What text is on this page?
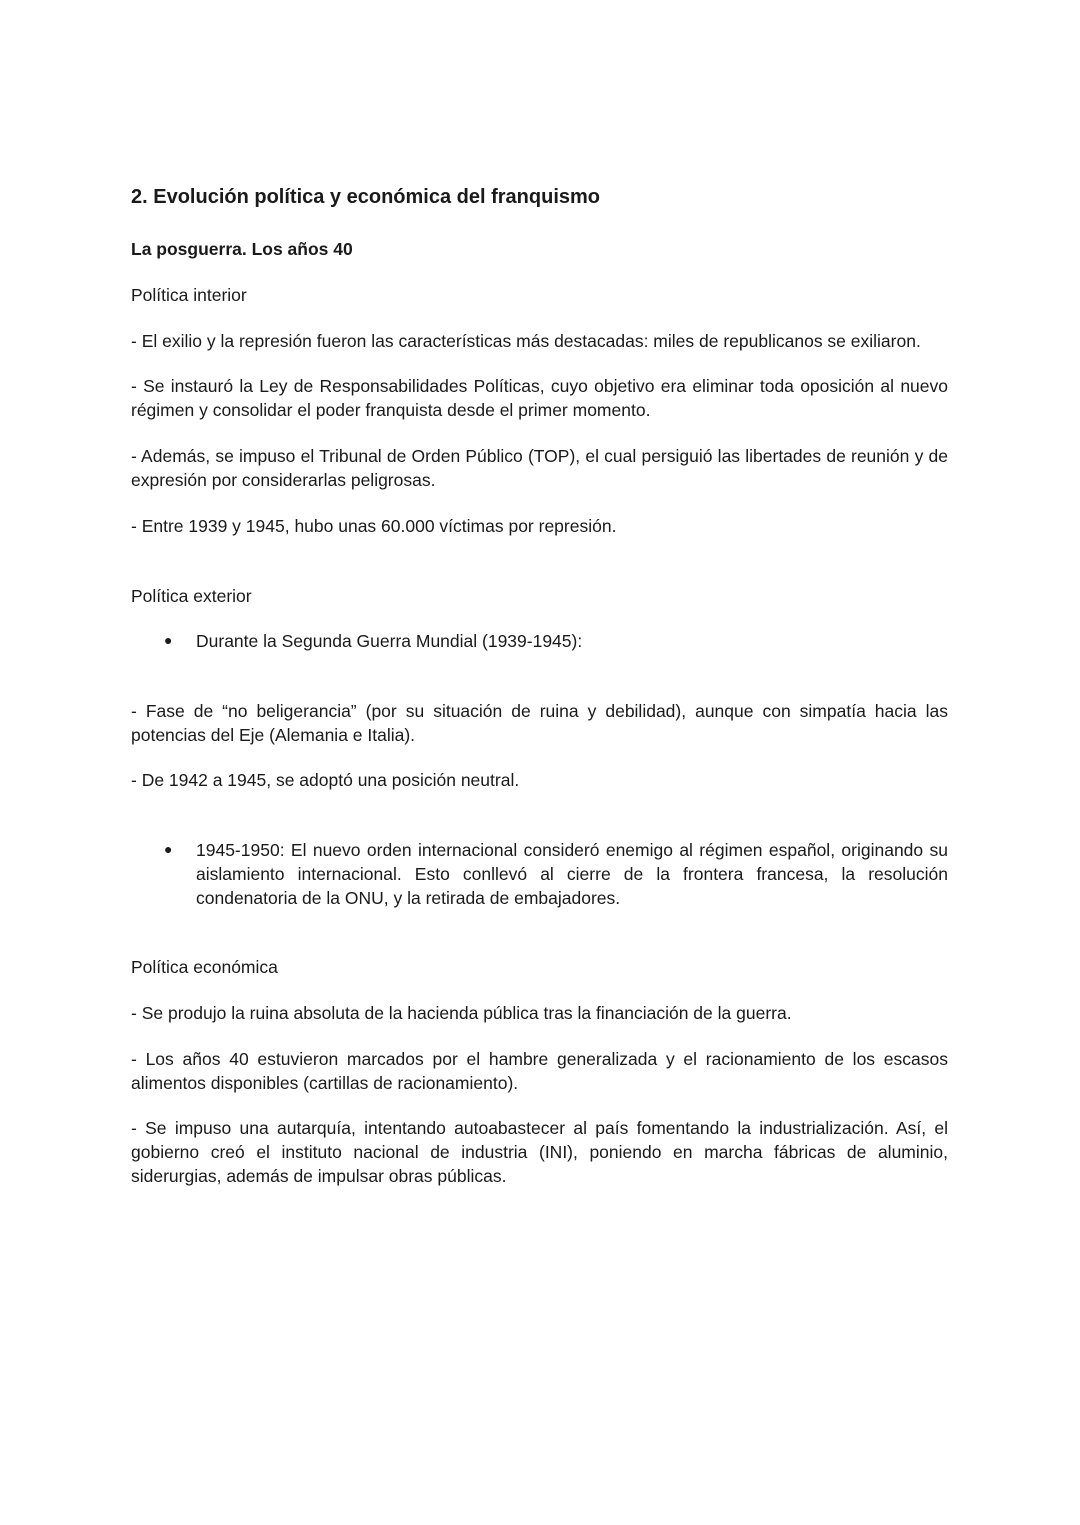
2. Evolución política y económica del franquismo
La posguerra. Los años 40
Política interior
- El exilio y la represión fueron las características más destacadas: miles de republicanos se exiliaron.
- Se instauró la Ley de Responsabilidades Políticas, cuyo objetivo era eliminar toda oposición al nuevo régimen y consolidar el poder franquista desde el primer momento.
- Además, se impuso el Tribunal de Orden Público (TOP), el cual persiguió las libertades de reunión y de expresión por considerarlas peligrosas.
- Entre 1939 y 1945, hubo unas 60.000 víctimas por represión.
Política exterior
● Durante la Segunda Guerra Mundial (1939-1945):
- Fase de “no beligerancia” (por su situación de ruina y debilidad), aunque con simpatía hacia las potencias del Eje (Alemania e Italia).
- De 1942 a 1945, se adoptó una posición neutral.
● 1945-1950: El nuevo orden internacional consideró enemigo al régimen español, originando su aislamiento internacional. Esto conllevó al cierre de la frontera francesa, la resolución condenatoria de la ONU, y la retirada de embajadores.
Política económica
- Se produjo la ruina absoluta de la hacienda pública tras la financiación de la guerra.
- Los años 40 estuvieron marcados por el hambre generalizada y el racionamiento de los escasos alimentos disponibles (cartillas de racionamiento).
- Se impuso una autarquía, intentando autoabastecer al país fomentando la industrialización. Así, el gobierno creó el instituto nacional de industria (INI), poniendo en marcha fábricas de aluminio, siderurgias, además de impulsar obras públicas.
